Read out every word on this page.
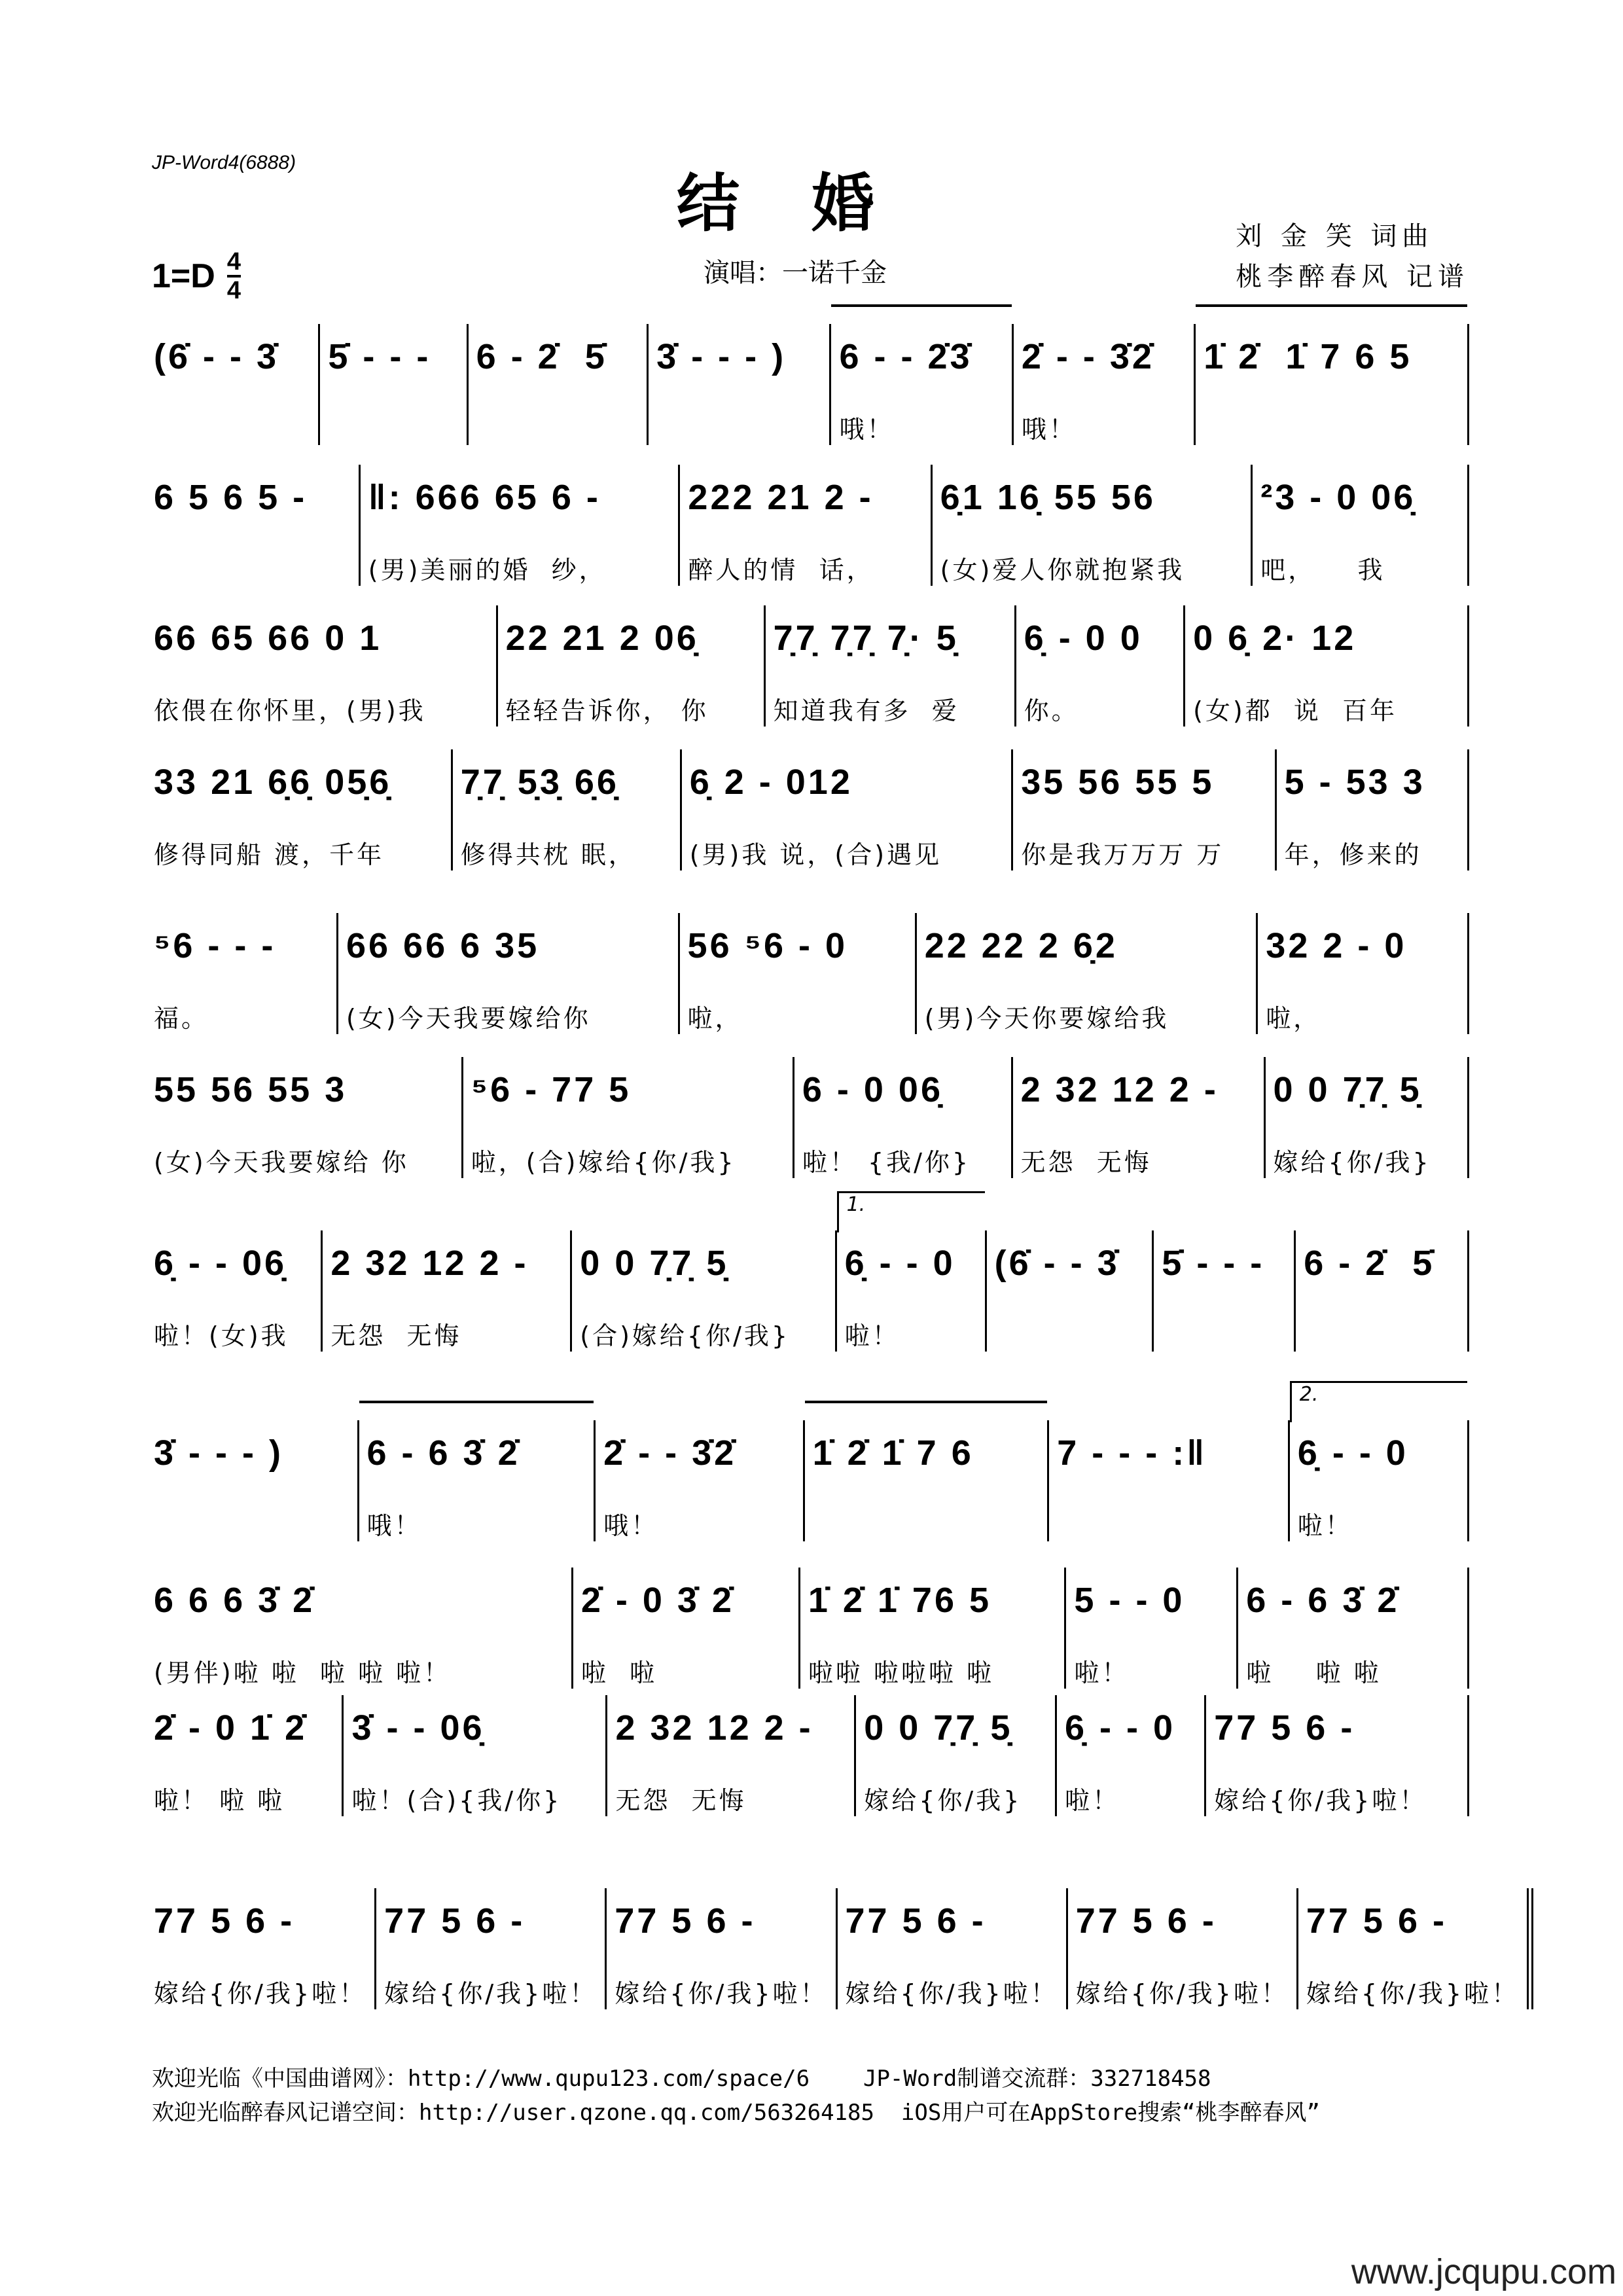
JP-Word4(6888)
结婚
$1=D \frac{4}{4}$	演唱：一诺千金
刘 金 笑 词曲
桃李醉春风 记谱
(6̇ - - 3̇	5̇ - - -	6 - 2̇  5̇	3̇ - - - )	6 - - 2̇3̇
哦！
2̇ - - 3̇2̇
哦！
1̇ 2̇  1̇ 7 6 5
6 5 6 5 -	‖: 666 65 6 -
(男)美丽的婚  纱，
222 21 2 -
醉人的情  话，
6̣1 16̣ 55 56
(女)爱人你就抱紧我
²3 - 0 06̣
吧，    我
66 65 66 0 1
依偎在你怀里，(男)我
22 21 2 06̣
轻轻告诉你， 你
7̣7̣ 7̣7̣ 7̣· 5̣
知道我有多  爱
6̣ - 0 0
你。
0 6̣ 2· 12
(女)都  说  百年
33 21 6̣6̣ 05̣6̣
修得同船 渡，千年
7̣7̣ 5̣3̣ 6̣6̣
修得共枕 眠，
6̣ 2 - 012
(男)我 说，(合)遇见
35 56 55 5
你是我万万万 万
5 - 53 3
年，修来的
⁵6 - - -
福。
66 66 6 35
(女)今天我要嫁给你
56 ⁵6 - 0
啦，
22 22 2 6̣2
(男)今天你要嫁给我
32 2 - 0
啦，
55 56 55 3
(女)今天我要嫁给 你
⁵6 - 77 5
啦，(合)嫁给{你/我}
6 - 0 06̣
啦！ {我/你}
2 32 12 2 -
无怨  无悔
0 0 7̣7̣ 5̣
嫁给{你/我}
6̣ - - 06̣
啦！(女)我
2 32 12 2 -
无怨  无悔
0 0 7̣7̣ 5̣
(合)嫁给{你/我}
1.
6̣ - - 0
啦！
(6̇ - - 3̇	5̇ - - -	6 - 2̇  5̇
3̇ - - - )	6 - 6 3̇ 2̇
哦！
2̇ - - 3̇2̇
哦！
1̇ 2̇ 1̇ 7 6	7 - - - :‖
2.
6̣ - - 0
啦！
6 6 6 3̇ 2̇
(男伴)啦 啦  啦 啦 啦！
2̇ - 0 3̇ 2̇
啦  啦
1̇ 2̇ 1̇ 76 5
啦啦 啦啦啦 啦
5 - - 0
啦！
6 - 6 3̇ 2̇
啦    啦 啦
2̇ - 0 1̇ 2̇
啦！ 啦 啦
3̇ - - 06̣
啦！(合){我/你}
2 32 12 2 -
无怨  无悔
0 0 7̣7̣ 5̣
嫁给{你/我}
6̣ - - 0
啦！
77 5 6 -
嫁给{你/我}啦！
77 5 6 -
嫁给{你/我}啦！
77 5 6 -
嫁给{你/我}啦！
77 5 6 -
嫁给{你/我}啦！
77 5 6 -
嫁给{你/我}啦！
77 5 6 -
嫁给{你/我}啦！
77 5 6 -
嫁给{你/我}啦！
欢迎光临《中国曲谱网》：http://www.qupu123.com/space/6    JP-Word制谱交流群：332718458
欢迎光临醉春风记谱空间：http://user.qzone.qq.com/563264185  iOS用户可在AppStore搜索“桃李醉春风”
www.jcqupu.com
